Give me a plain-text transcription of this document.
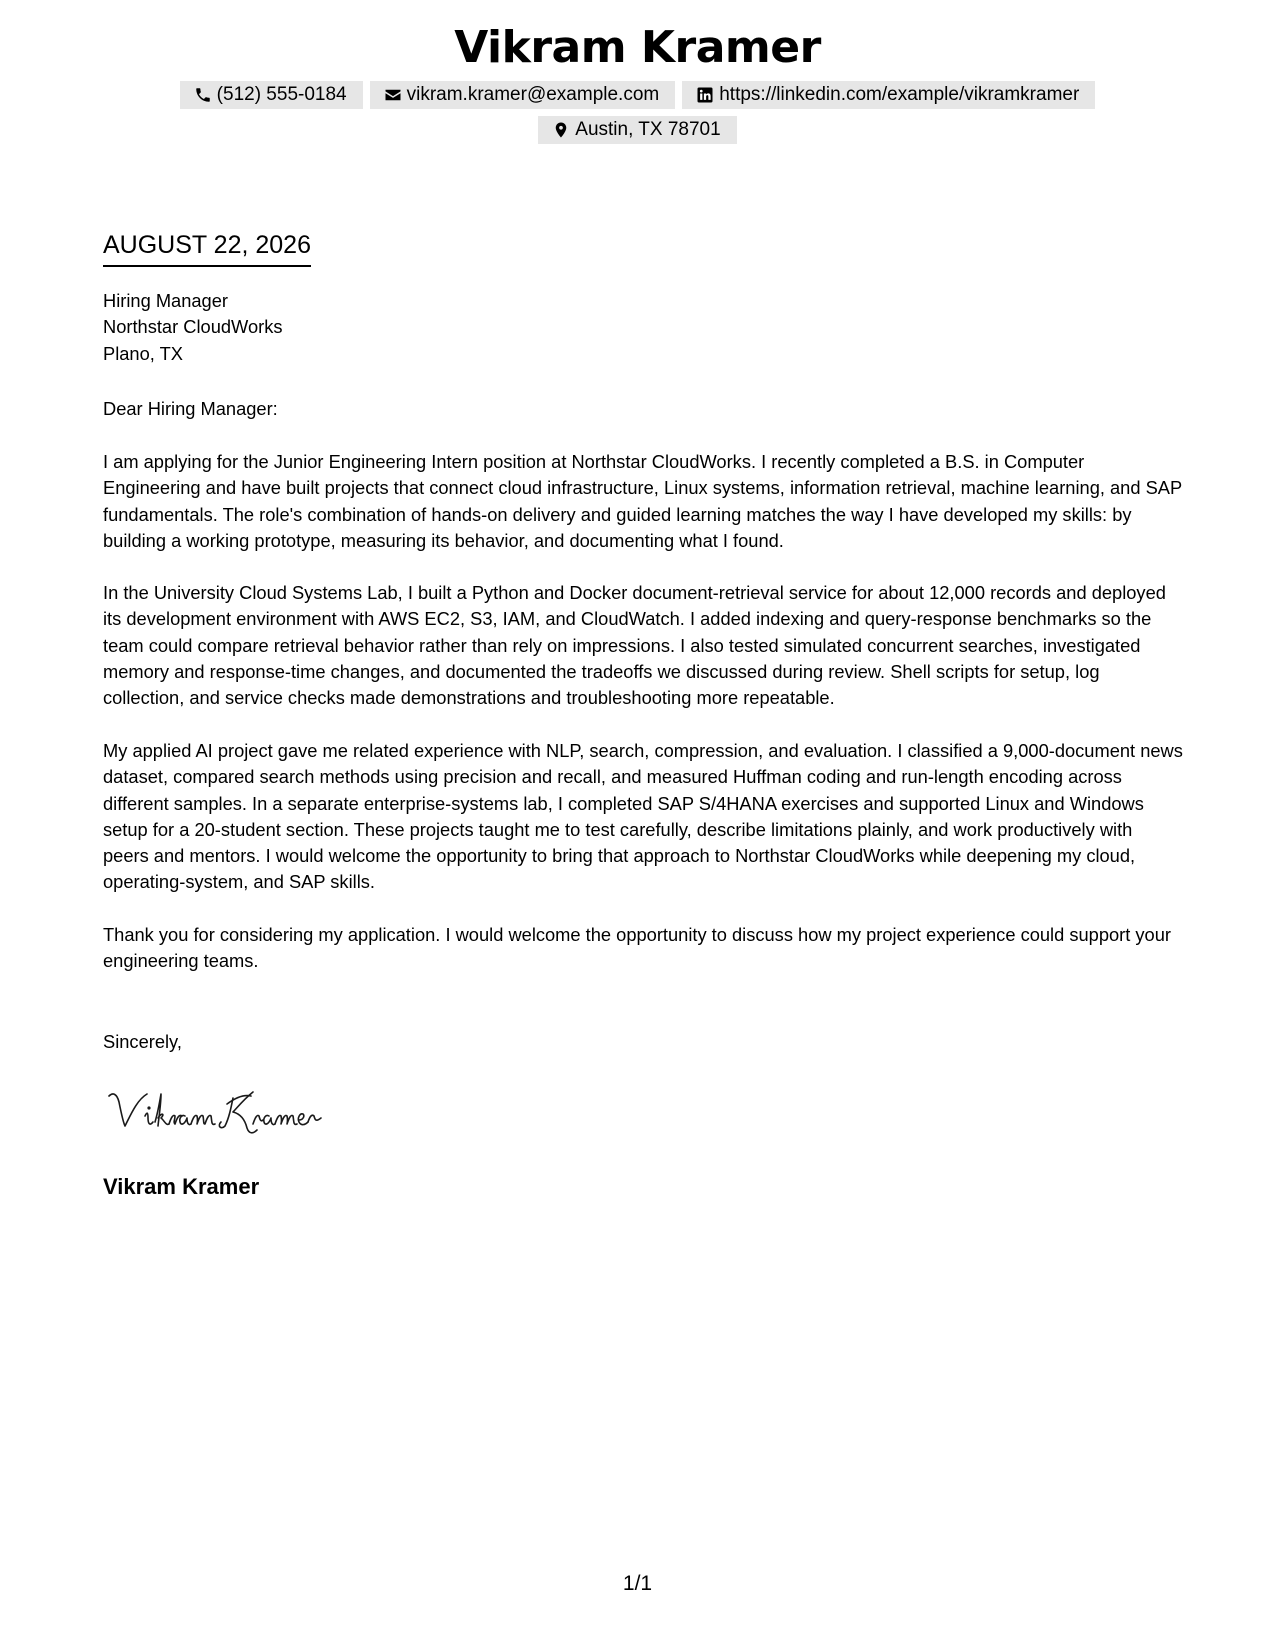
Vikram Kramer
(512) 555-0184	vikram.kramer@example.com	https://linkedin.com/example/vikramkramer
Austin, TX 78701
AUGUST 22, 2026
Hiring Manager
Northstar CloudWorks
Plano, TX
Dear Hiring Manager:

I am applying for the Junior Engineering Intern position at Northstar CloudWorks. I recently completed a B.S. in Computer Engineering and have built projects that connect cloud infrastructure, Linux systems, information retrieval, machine learning, and SAP fundamentals. The role's combination of hands-on delivery and guided learning matches the way I have developed my skills: by building a working prototype, measuring its behavior, and documenting what I found.

In the University Cloud Systems Lab, I built a Python and Docker document-retrieval service for about 12,000 records and deployed its development environment with AWS EC2, S3, IAM, and CloudWatch. I added indexing and query-response benchmarks so the team could compare retrieval behavior rather than rely on impressions. I also tested simulated concurrent searches, investigated memory and response-time changes, and documented the tradeoffs we discussed during review. Shell scripts for setup, log collection, and service checks made demonstrations and troubleshooting more repeatable.

My applied AI project gave me related experience with NLP, search, compression, and evaluation. I classified a 9,000-document news dataset, compared search methods using precision and recall, and measured Huffman coding and run-length encoding across different samples. In a separate enterprise-systems lab, I completed SAP S/4HANA exercises and supported Linux and Windows setup for a 20-student section. These projects taught me to test carefully, describe limitations plainly, and work productively with peers and mentors. I would welcome the opportunity to bring that approach to Northstar CloudWorks while deepening my cloud, operating-system, and SAP skills.

Thank you for considering my application. I would welcome the opportunity to discuss how my project experience could support your engineering teams.

Sincerely,
Vikram Kramer
1/1
